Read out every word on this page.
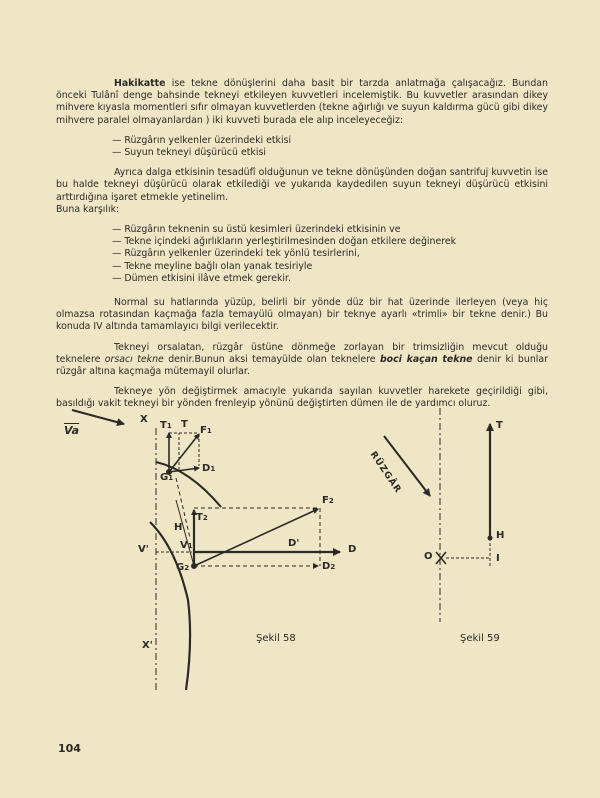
Hakikatte ise tekne dönüşlerini daha basit bir tarzda anlatmağa çalışacağız. Bundan önceki Tulânî denge bahsinde tekneyi etkileyen kuvvetleri incelemiştik. Bu kuvvetler arasından dikey mihvere kıyasla momentleri sıfır olmayan kuvvetlerden (tekne ağırlığı ve suyun kaldırma gücü gibi dikey mihvere paralel olmayanlardan ) iki kuvveti burada ele alıp inceleyeceğiz:

— Rüzgârın yelkenler üzerindeki etkisi
— Suyun tekneyi düşürücü etkisi

Ayrıca dalga etkisinin tesadüfî olduğunun ve tekne dönüşünden doğan santrifuj kuvvetin ise bu halde tekneyi düşürücü olarak etkilediği ve yukarıda kaydedilen suyun tekneyi düşürücü etkisini arttırdığına işaret etmekle yetinelim.

Buna karşılık:

— Rüzgârın teknenin su üstü kesimleri üzerindeki etkisinin ve
— Tekne içindeki ağırlıkların yerleştirilmesinden doğan etkilere değinerek
— Rüzgârın yelkenler üzerindeki tek yönlü tesirlerini,
— Tekne meyline bağlı olan yanak tesiriyle
— Dümen etkisini ilâve etmek gerekir.

Normal su hatlarında yüzüp, belirli bir yönde düz bir hat üzerinde ilerleyen (veya hiç olmazsa rotasından kaçmağa fazla temayülü olmayan) bir teknye ayarlı «trimli» bir tekne denir.) Bu konuda IV altında tamamlayıcı bilgi verilecektir.

Tekneyi orsalatan, rüzgâr üstüne dönmeğe zorlayan bir trimsizliğin mevcut olduğu teknelere orsacı tekne denir.Bunun aksi temayülde olan teknelere boci kaçan tekne denir ki bunlar rüzgâr altına kaçmağa mütemayil olurlar.

Tekneye yön değiştirmek amacıyle yukarıda sayılan kuvvetler harekete geçirildiği gibi, basıldığı vakit tekneyi bir yönden frenleyip yönünü değiştirten dümen ile de yardımcı oluruz.

$\overline{Va}$
X
T1 T
F1
D1
G1
T2
F2
H
V1
V'
D'
D
G2	D2
X'
Şekil 58
RÜZGÂR
T
H
O	I
Şekil 59
104
